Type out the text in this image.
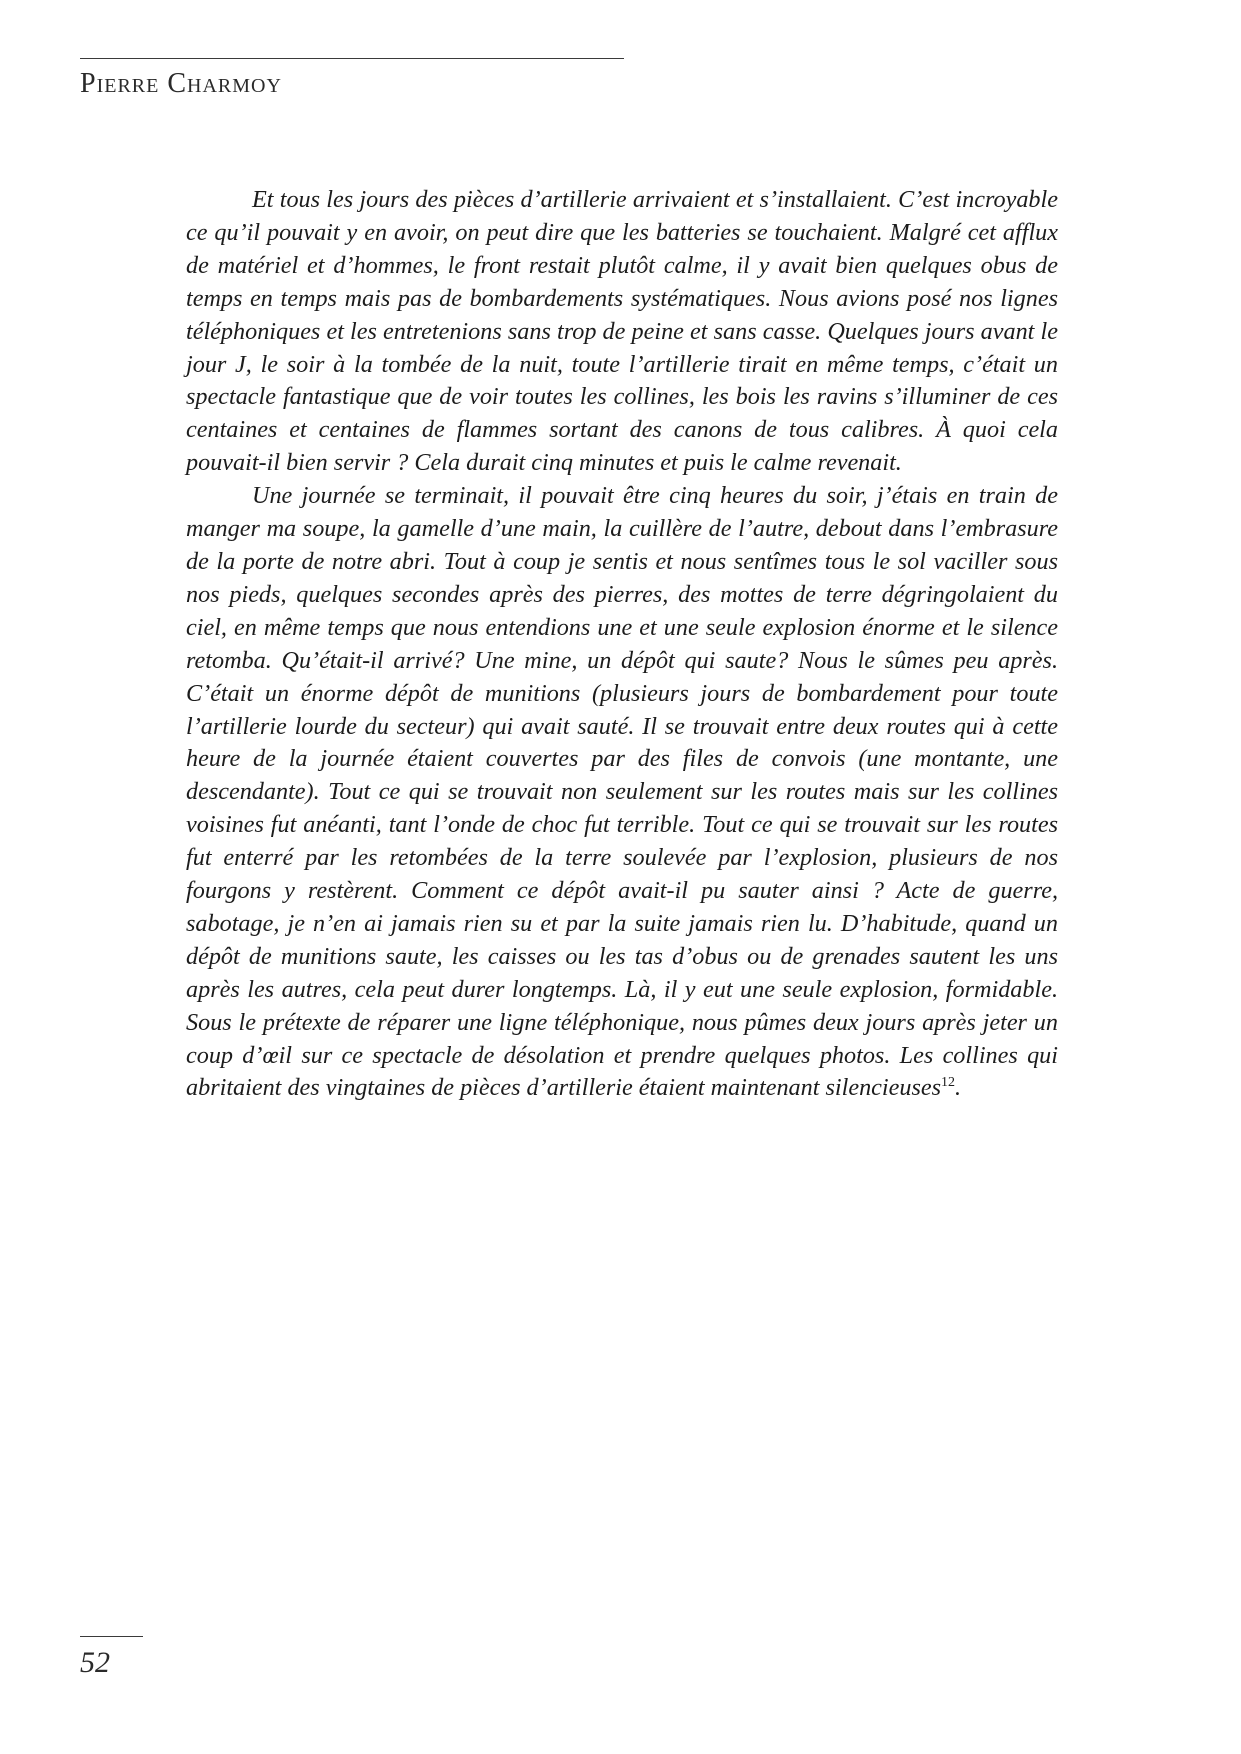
Pierre Charmoy

Et tous les jours des pièces d’artillerie arrivaient et s’installaient. C’est incroyable ce qu’il pouvait y en avoir, on peut dire que les batteries se touchaient. Malgré cet afflux de matériel et d’hommes, le front restait plutôt calme, il y avait bien quelques obus de temps en temps mais pas de bombardements systématiques. Nous avions posé nos lignes téléphoniques et les entretenions sans trop de peine et sans casse. Quelques jours avant le jour J, le soir à la tombée de la nuit, toute l’artillerie tirait en même temps, c’était un spectacle fantastique que de voir toutes les collines, les bois les ravins s’illuminer de ces centaines et centaines de flammes sortant des canons de tous calibres. À quoi cela pouvait-il bien servir ? Cela durait cinq minutes et puis le calme revenait.

Une journée se terminait, il pouvait être cinq heures du soir, j’étais en train de manger ma soupe, la gamelle d’une main, la cuillère de l’autre, debout dans l’embrasure de la porte de notre abri. Tout à coup je sentis et nous sentîmes tous le sol vaciller sous nos pieds, quelques secondes après des pierres, des mottes de terre dégringolaient du ciel, en même temps que nous entendions une et une seule explosion énorme et le silence retomba. Qu’était-il arrivé? Une mine, un dépôt qui saute? Nous le sûmes peu après. C’était un énorme dépôt de munitions (plusieurs jours de bombardement pour toute l’artillerie lourde du secteur) qui avait sauté. Il se trouvait entre deux routes qui à cette heure de la journée étaient couvertes par des files de convois (une montante, une descendante). Tout ce qui se trouvait non seulement sur les routes mais sur les collines voisines fut anéanti, tant l’onde de choc fut terrible. Tout ce qui se trouvait sur les routes fut enterré par les retombées de la terre soulevée par l’explosion, plusieurs de nos fourgons y restèrent. Comment ce dépôt avait-il pu sauter ainsi ? Acte de guerre, sabotage, je n’en ai jamais rien su et par la suite jamais rien lu. D’habitude, quand un dépôt de munitions saute, les caisses ou les tas d’obus ou de grenades sautent les uns après les autres, cela peut durer longtemps. Là, il y eut une seule explosion, formidable. Sous le prétexte de réparer une ligne téléphonique, nous pûmes deux jours après jeter un coup d’œil sur ce spectacle de désolation et prendre quelques photos. Les collines qui abritaient des vingtaines de pièces d’artillerie étaient maintenant silencieuses$^{12}$.

52
